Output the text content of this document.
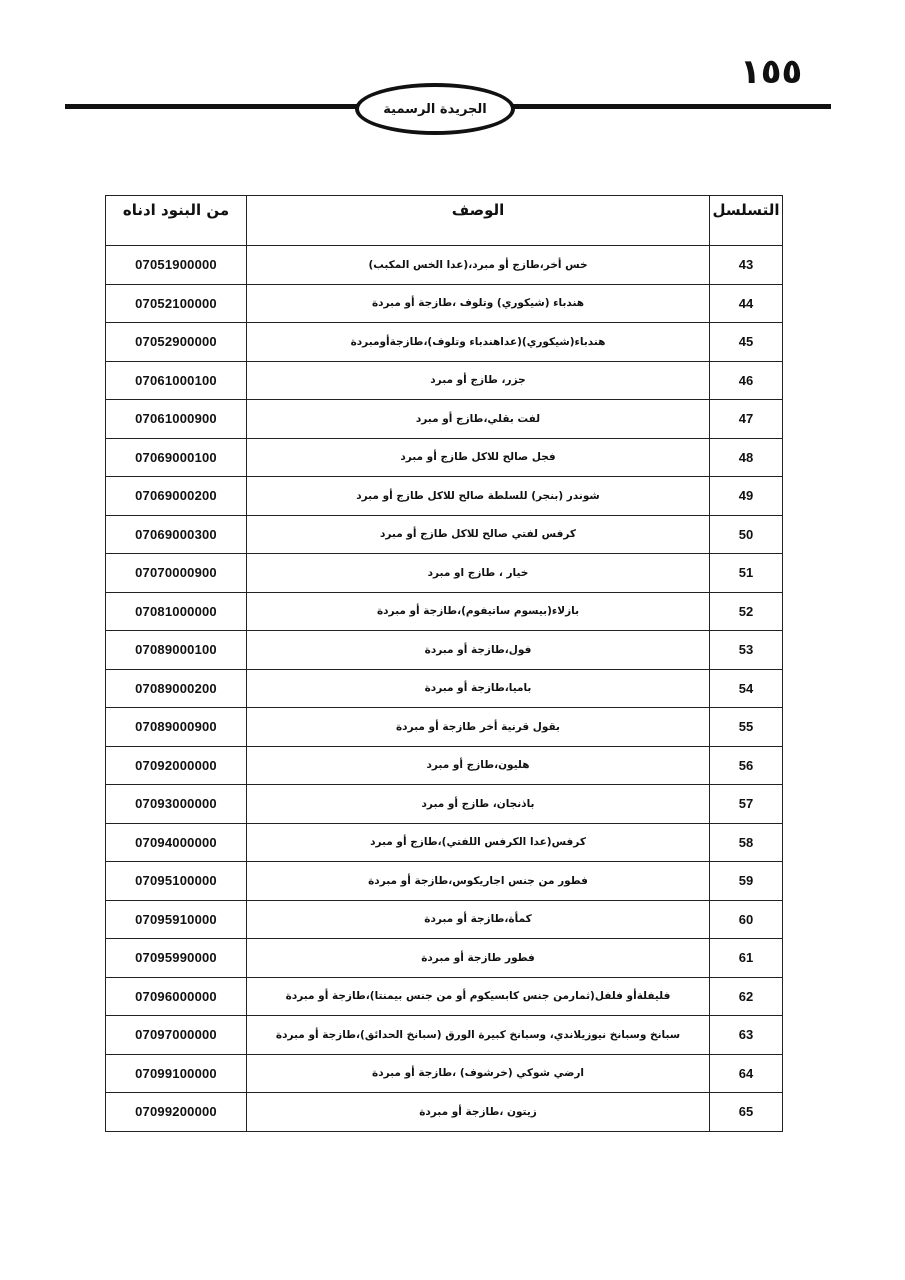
١٥٥
الجريدة الرسمية
من البنود ادناه	الوصف	التسلسل
07051900000	خس أخر،طازج أو مبرد،(عدا الخس المكبب)	43
07052100000	هندباء (شيكوري) وتلوف ،طازجة أو مبردة	44
07052900000	هندباء(شيكوري)(عداهندباء وتلوف)،طازجةأومبردة	45
07061000100	جزر، طازج أو مبرد	46
07061000900	لفت بقلي،طازج أو مبرد	47
07069000100	فجل صالح للاكل طازج أو مبرد	48
07069000200	شوندر (بنجر) للسلطة صالح للاكل طازج أو مبرد	49
07069000300	كرفس لفتي صالح للاكل طازج أو مبرد	50
07070000900	خيار ، طازج او مبرد	51
07081000000	بازلاء(بيسوم ساتيفوم)،طازجة أو مبردة	52
07089000100	فول،طازجة أو مبردة	53
07089000200	باميا،طازجة أو مبردة	54
07089000900	بقول قرنية أخر طازجة أو مبردة	55
07092000000	هليون،طازج أو مبرد	56
07093000000	باذنجان، طازج أو مبرد	57
07094000000	كرفس(عدا الكرفس اللفتي)،طازج أو مبرد	58
07095100000	فطور من جنس اجاريكوس،طازجة أو مبردة	59
07095910000	كمأة،طازجة أو مبردة	60
07095990000	فطور طازجة أو مبردة	61
07096000000	فليفلةأو فلفل(ثمارمن جنس كابسيكوم أو من جنس بيمنتا)،طازجة أو مبردة	62
07097000000	سبانخ وسبانخ نيوزيلاندي، وسبانخ كبيرة الورق (سبانخ الحدائق)،طازجة أو مبردة	63
07099100000	ارضي شوكي (خرشوف) ،طازجة أو مبردة	64
07099200000	زيتون ،طازجة أو مبردة	65
